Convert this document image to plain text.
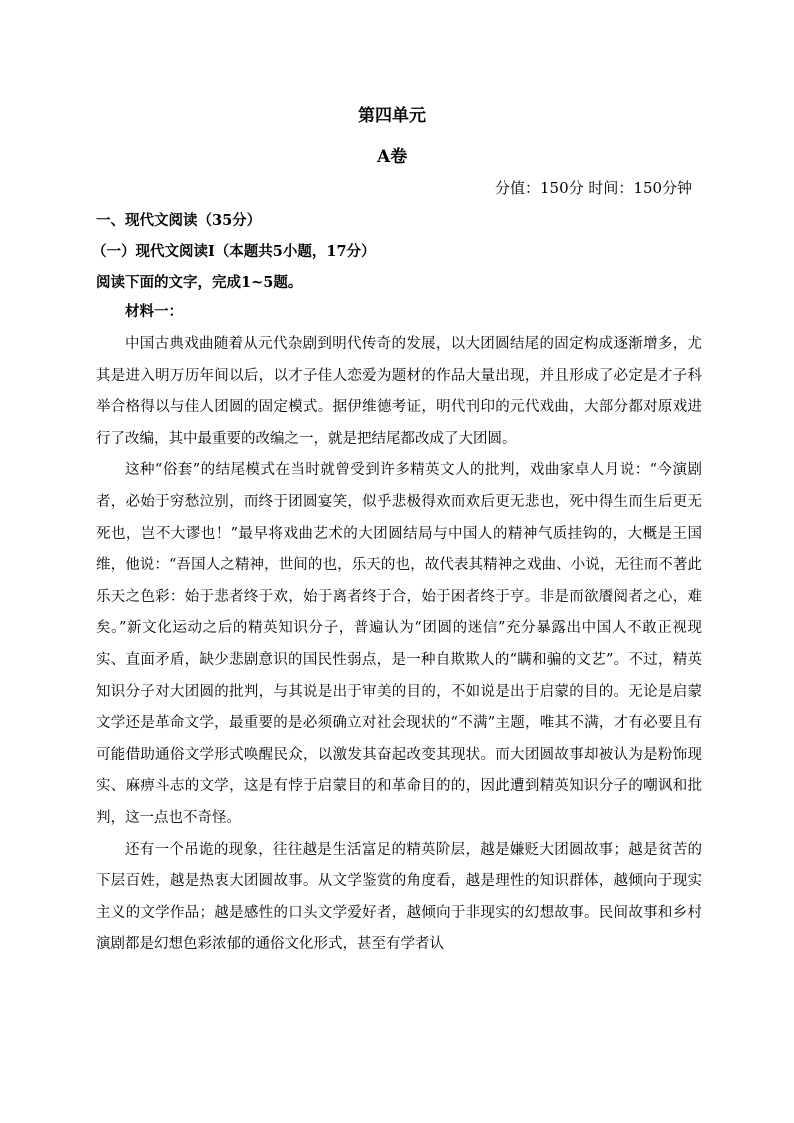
第四单元
A卷
分值：150分 时间：150分钟
一、现代文阅读（35分）
（一）现代文阅读Ⅰ（本题共5小题，17分）
阅读下面的文字，完成1~5题。
材料一：

中国古典戏曲随着从元代杂剧到明代传奇的发展，以大团圆结尾的固定构成逐渐增多，尤其是进入明万历年间以后，以才子佳人恋爱为题材的作品大量出现，并且形成了必定是才子科举合格得以与佳人团圆的固定模式。据伊维德考证，明代刊印的元代戏曲，大部分都对原戏进行了改编，其中最重要的改编之一，就是把结尾都改成了大团圆。

这种“俗套”的结尾模式在当时就曾受到许多精英文人的批判，戏曲家卓人月说：“今演剧者，必始于穷愁泣别，而终于团圆宴笑，似乎悲极得欢而欢后更无悲也，死中得生而生后更无死也，岂不大谬也！”最早将戏曲艺术的大团圆结局与中国人的精神气质挂钩的，大概是王国维，他说：“吾国人之精神，世间的也，乐天的也，故代表其精神之戏曲、小说，无往而不著此乐天之色彩：始于悲者终于欢，始于离者终于合，始于困者终于亨。非是而欲餍阅者之心，难矣。”新文化运动之后的精英知识分子，普遍认为“团圆的迷信”充分暴露出中国人不敢正视现实、直面矛盾，缺少悲剧意识的国民性弱点，是一种自欺欺人的“瞒和骗的文艺”。不过，精英知识分子对大团圆的批判，与其说是出于审美的目的，不如说是出于启蒙的目的。无论是启蒙文学还是革命文学，最重要的是必须确立对社会现状的“不满”主题，唯其不满，才有必要且有可能借助通俗文学形式唤醒民众，以激发其奋起改变其现状。而大团圆故事却被认为是粉饰现实、麻痹斗志的文学，这是有悖于启蒙目的和革命目的的，因此遭到精英知识分子的嘲讽和批判，这一点也不奇怪。

还有一个吊诡的现象，往往越是生活富足的精英阶层，越是嫌贬大团圆故事；越是贫苦的下层百姓，越是热衷大团圆故事。从文学鉴赏的角度看，越是理性的知识群体，越倾向于现实主义的文学作品；越是感性的口头文学爱好者，越倾向于非现实的幻想故事。民间故事和乡村演剧都是幻想色彩浓郁的通俗文化形式，甚至有学者认
